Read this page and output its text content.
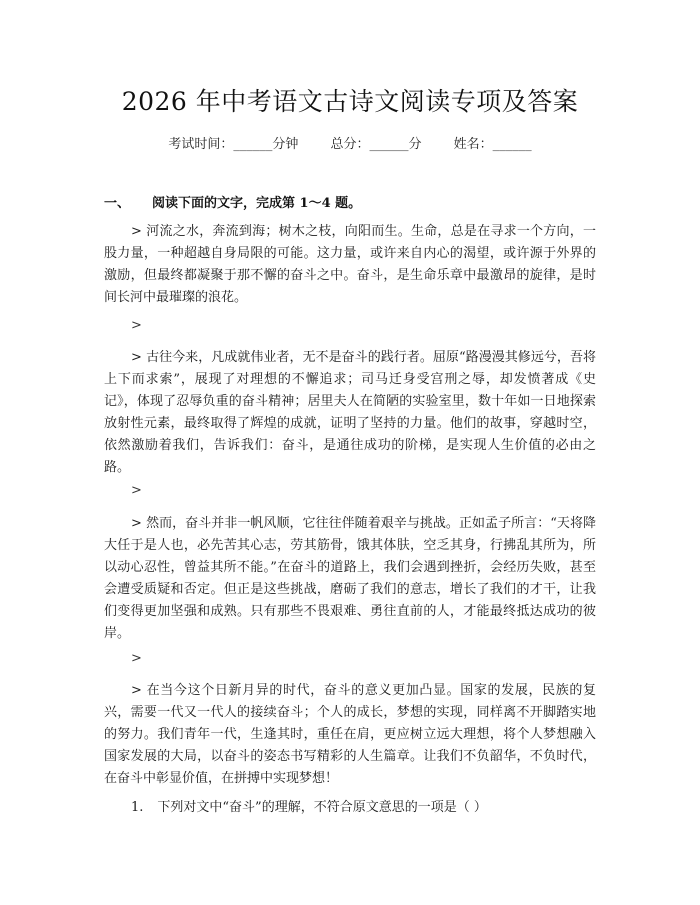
2026 年中考语文古诗文阅读专项及答案
考试时间：______分钟 总分：______分 姓名：______
一、 阅读下面的文字，完成第 1～4 题。
> 河流之水，奔流到海；树木之枝，向阳而生。生命，总是在寻求一个方向，一股力量，一种超越自身局限的可能。这力量，或许来自内心的渴望，或许源于外界的激励，但最终都凝聚于那不懈的奋斗之中。奋斗，是生命乐章中最激昂的旋律，是时间长河中最璀璨的浪花。
>
> 古往今来，凡成就伟业者，无不是奋斗的践行者。屈原“路漫漫其修远兮，吾将上下而求索”，展现了对理想的不懈追求；司马迁身受宫刑之辱，却发愤著成《史记》，体现了忍辱负重的奋斗精神；居里夫人在简陋的实验室里，数十年如一日地探索放射性元素，最终取得了辉煌的成就，证明了坚持的力量。他们的故事，穿越时空，依然激励着我们，告诉我们：奋斗，是通往成功的阶梯，是实现人生价值的必由之路。
>
> 然而，奋斗并非一帆风顺，它往往伴随着艰辛与挑战。正如孟子所言：“天将降大任于是人也，必先苦其心志，劳其筋骨，饿其体肤，空乏其身，行拂乱其所为，所以动心忍性，曾益其所不能。”在奋斗的道路上，我们会遇到挫折，会经历失败，甚至会遭受质疑和否定。但正是这些挑战，磨砺了我们的意志，增长了我们的才干，让我们变得更加坚强和成熟。只有那些不畏艰难、勇往直前的人，才能最终抵达成功的彼岸。
>
> 在当今这个日新月异的时代，奋斗的意义更加凸显。国家的发展，民族的复兴，需要一代又一代人的接续奋斗；个人的成长，梦想的实现，同样离不开脚踏实地的努力。我们青年一代，生逢其时，重任在肩，更应树立远大理想，将个人梦想融入国家发展的大局，以奋斗的姿态书写精彩的人生篇章。让我们不负韶华，不负时代，在奋斗中彰显价值，在拼搏中实现梦想！
1. 下列对文中“奋斗”的理解，不符合原文意思的一项是（ ）
